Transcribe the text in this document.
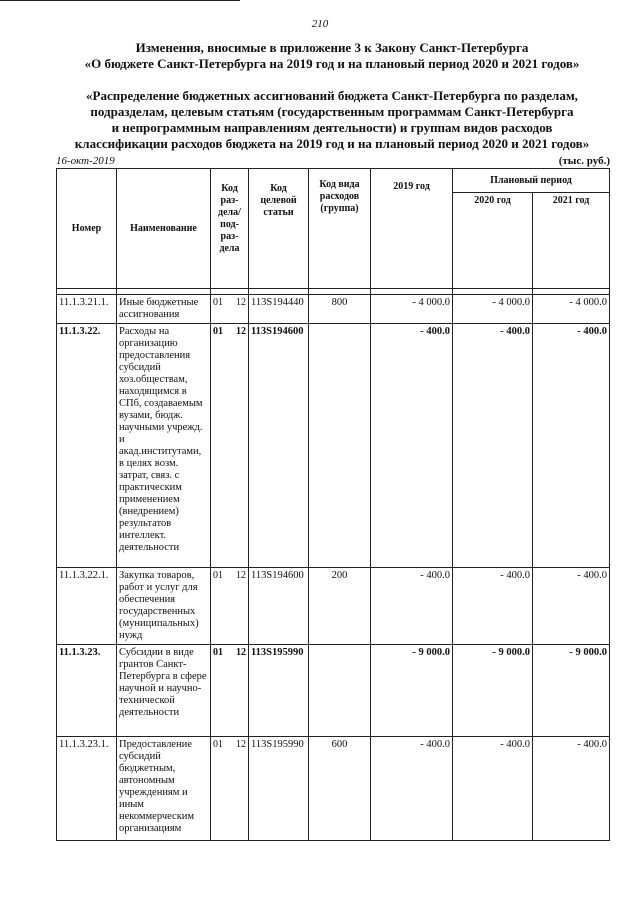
210
Изменения, вносимые в приложение 3 к Закону Санкт-Петербурга
«О бюджете Санкт-Петербурга на 2019 год и на плановый период 2020 и 2021 годов»
«Распределение бюджетных ассигнований бюджета Санкт-Петербурга по разделам,
подразделам, целевым статьям (государственным программам Санкт-Петербурга
и непрограммным направлениям деятельности) и группам видов расходов
классификации расходов бюджета на 2019 год и на плановый период 2020 и 2021 годов»
16-окт-2019	(тыс. руб.)
Номер	Наименование	Код раз-дела/ под-раз-дела	Код целевой статьи	Код вида расходов (группа)	2019 год	Плановый период	
						2020 год	2021 год

11.1.3.21.1.	Иные бюджетные ассигнования	01 12	113S194440	800	- 4 000.0	- 4 000.0	- 4 000.0
11.1.3.22.	Расходы на организацию предоставления субсидий хоз.обществам, находящимся в СПб, создаваемым вузами, бюдж. научными учрежд. и акад.институтами, в целях возм. затрат, связ. с практическим применением (внедрением) результатов интеллект. деятельности	01 12	113S194600		- 400.0	- 400.0	- 400.0
11.1.3.22.1.	Закупка товаров, работ и услуг для обеспечения государственных (муниципальных) нужд	01 12	113S194600	200	- 400.0	- 400.0	- 400.0
11.1.3.23.	Субсидии в виде грантов Санкт-Петербурга в сфере научной и научно-технической деятельности	01 12	113S195990		- 9 000.0	- 9 000.0	- 9 000.0
11.1.3.23.1.	Предоставление субсидий бюджетным, автономным учреждениям и иным некоммерческим организациям	01 12	113S195990	600	- 400.0	- 400.0	- 400.0
